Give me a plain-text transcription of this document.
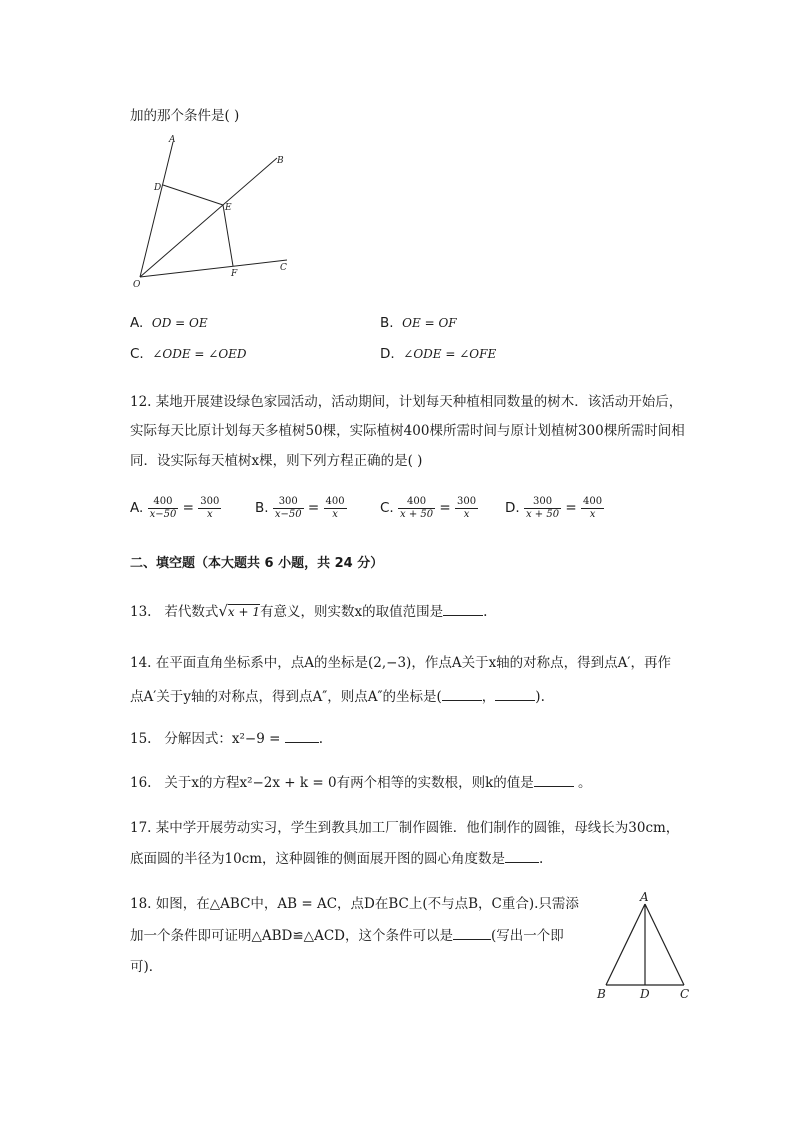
加的那个条件是( )
A
B
C
D
E
F
O
A. OD = OE	B. OE = OF
C. ∠ODE = ∠OED	D. ∠ODE = ∠OFE
12. 某地开展建设绿色家园活动，活动期间，计划每天种植相同数量的树木．该活动开始后，
实际每天比原计划每天多植树50棵，实际植树400棵所需时间与原计划植树300棵所需时间相
同．设实际每天植树x棵，则下列方程正确的是( )
A. $\frac{400}{x-50} = \frac{300}{x} B$. $\frac{300}{x-50} = \frac{400}{x} C$. $\frac{400}{x + 50} = \frac{300}{x} D$. $\frac{300}{x + 50} = \frac{400}{x}$
二、填空题（本大题共 6 小题，共 24 分）
13. 若代数式√x + 1有意义，则实数x的取值范围是	.
14. 在平面直角坐标系中，点A的坐标是(2,−3)，作点A关于x轴的对称点，得到点A′，再作
点A′关于y轴的对称点，得到点A″，则点A″的坐标是(	，	).
15. 分解因式：x²−9 =	.
16. 关于x的方程x²−2x + k = 0有两个相等的实数根，则k的值是	。
17. 某中学开展劳动实习，学生到教具加工厂制作圆锥．他们制作的圆锥，母线长为30cm，
底面圆的半径为10cm，这种圆锥的侧面展开图的圆心角度数是	.
18. 如图，在△ABC中，AB = AC，点D在BC上(不与点B，C重合).只需添
加一个条件即可证明△ABD≌△ACD，这个条件可以是	(写出一个即
可)．
A
B	D	C
